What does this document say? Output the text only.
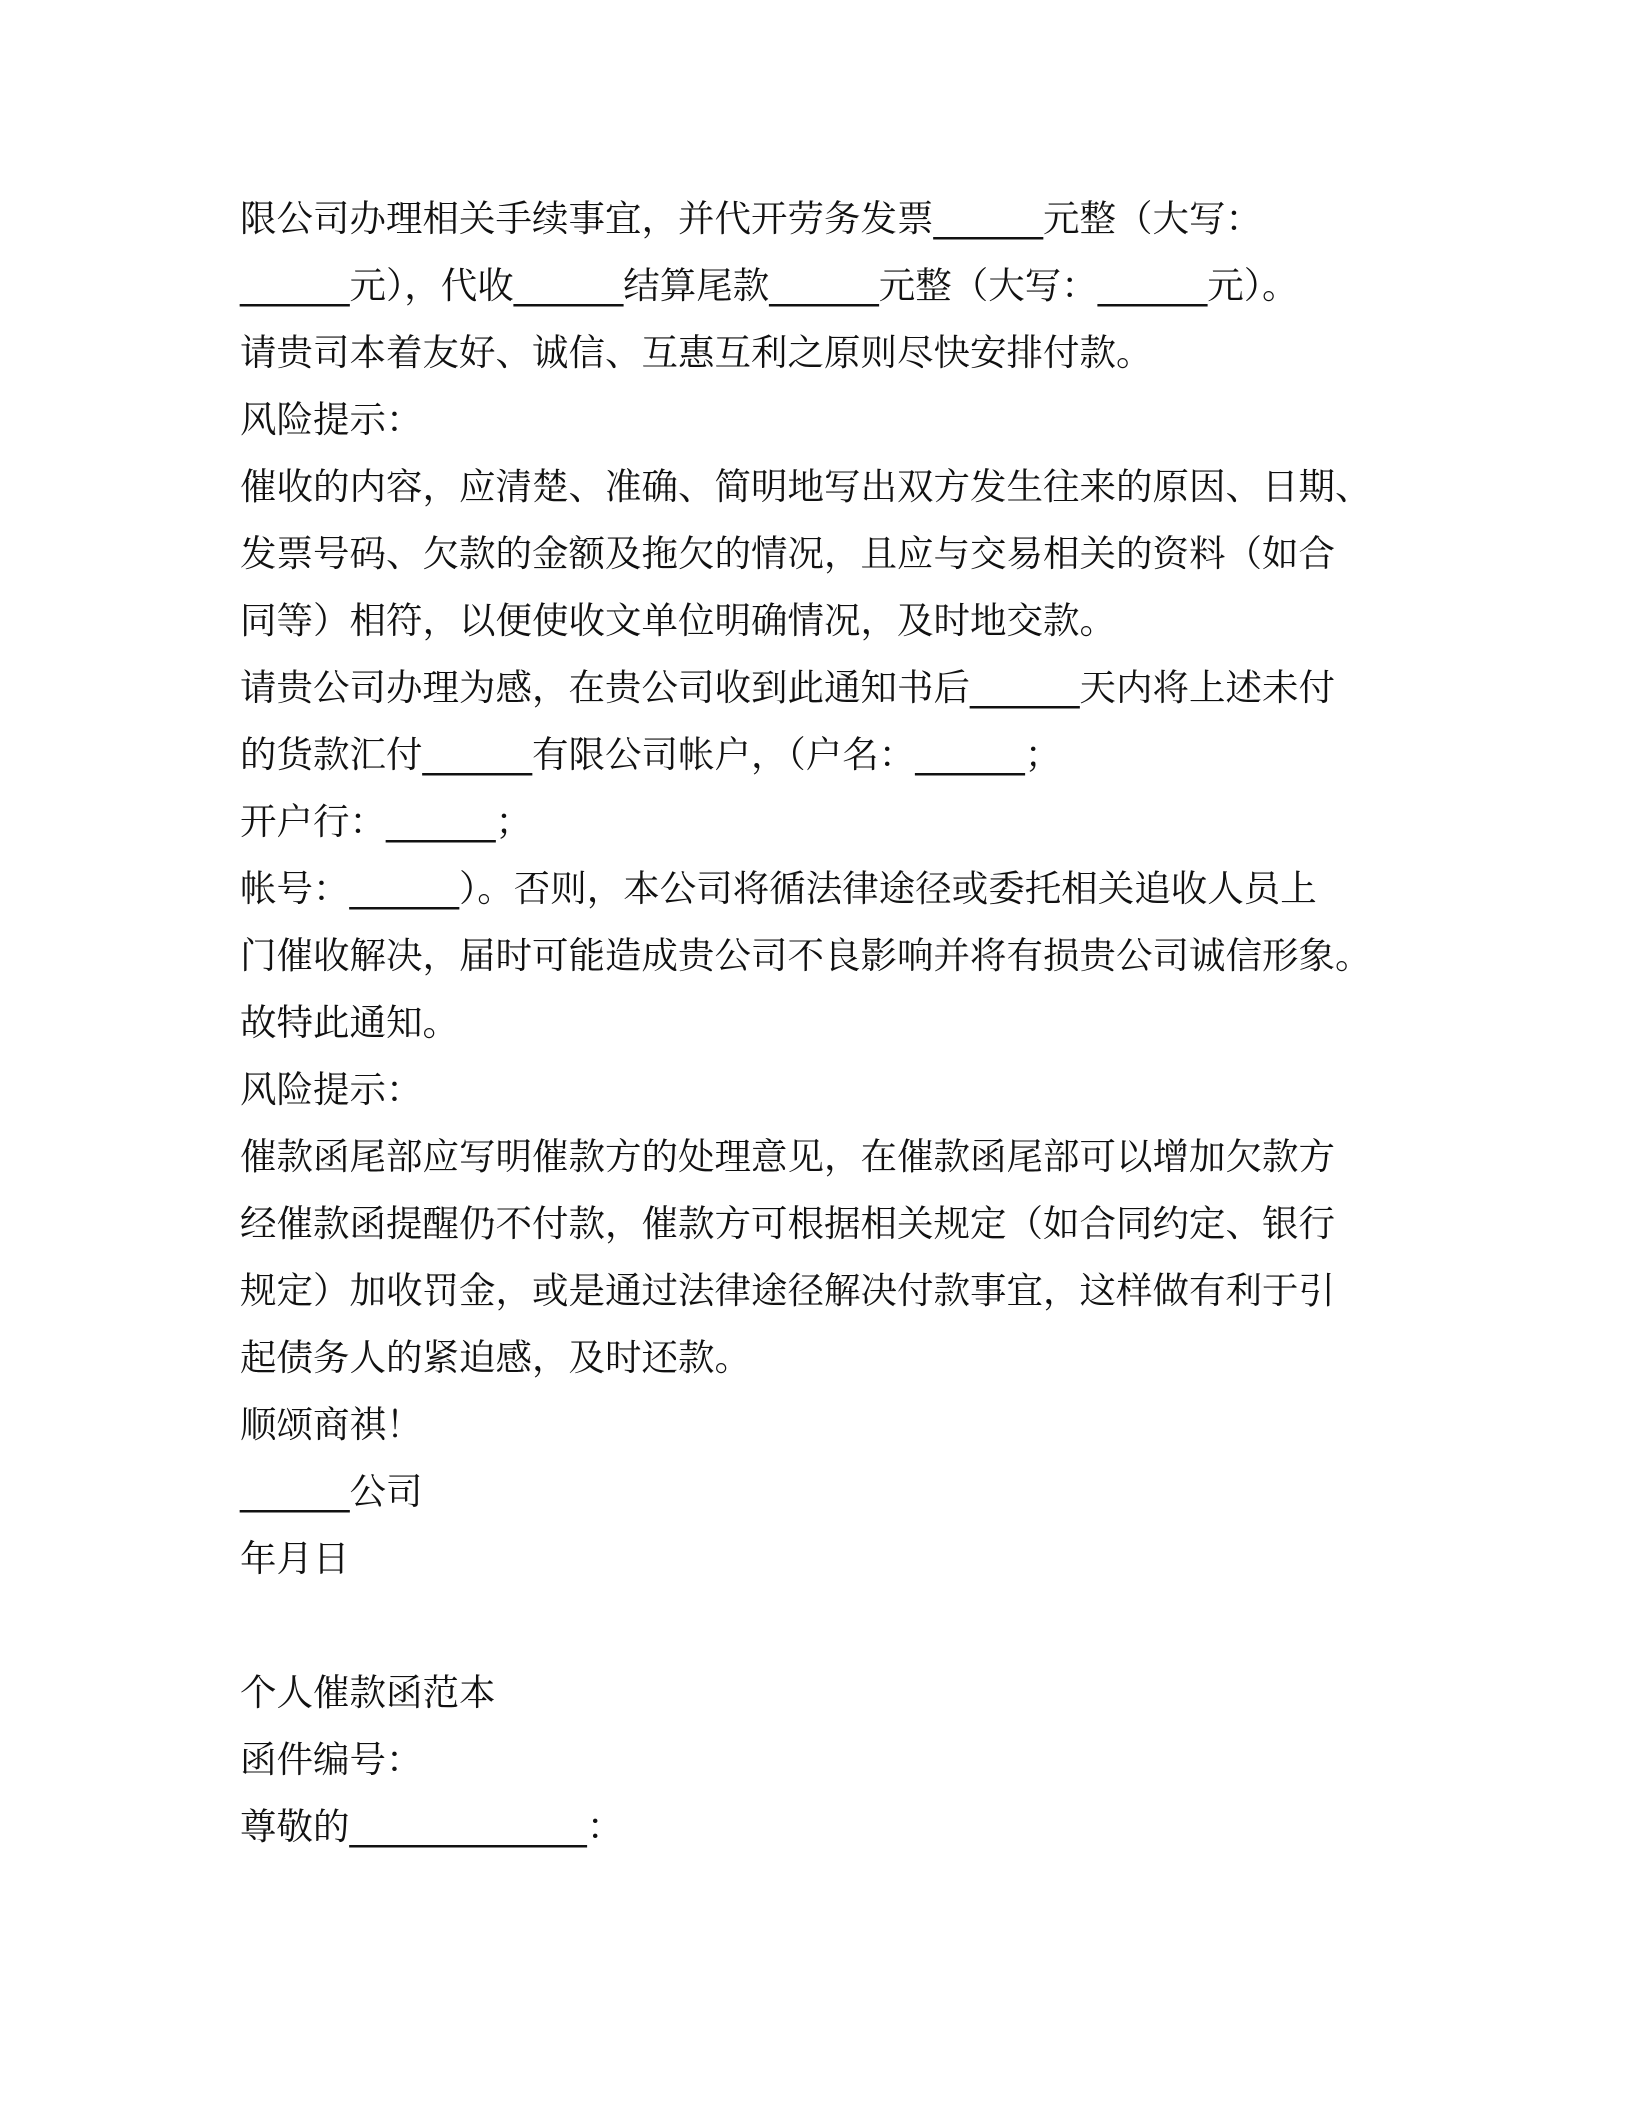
限公司办理相关手续事宜，并代开劳务发票______元整（大写：
______元），代收______结算尾款______元整（大写：______元）。
请贵司本着友好、诚信、互惠互利之原则尽快安排付款。
风险提示：
催收的内容，应清楚、准确、简明地写出双方发生往来的原因、日期、
发票号码、欠款的金额及拖欠的情况，且应与交易相关的资料（如合
同等）相符，以便使收文单位明确情况，及时地交款。
请贵公司办理为感，在贵公司收到此通知书后______天内将上述未付
的货款汇付______有限公司帐户，（户名：______；
开户行：______；
帐号：______）。否则，本公司将循法律途径或委托相关追收人员上
门催收解决，届时可能造成贵公司不良影响并将有损贵公司诚信形象。
故特此通知。
风险提示：
催款函尾部应写明催款方的处理意见，在催款函尾部可以增加欠款方
经催款函提醒仍不付款，催款方可根据相关规定（如合同约定、银行
规定）加收罚金，或是通过法律途径解决付款事宜，这样做有利于引
起债务人的紧迫感，及时还款。
顺颂商祺！
______公司
年月日
个人催款函范本
函件编号：
尊敬的_____________：
